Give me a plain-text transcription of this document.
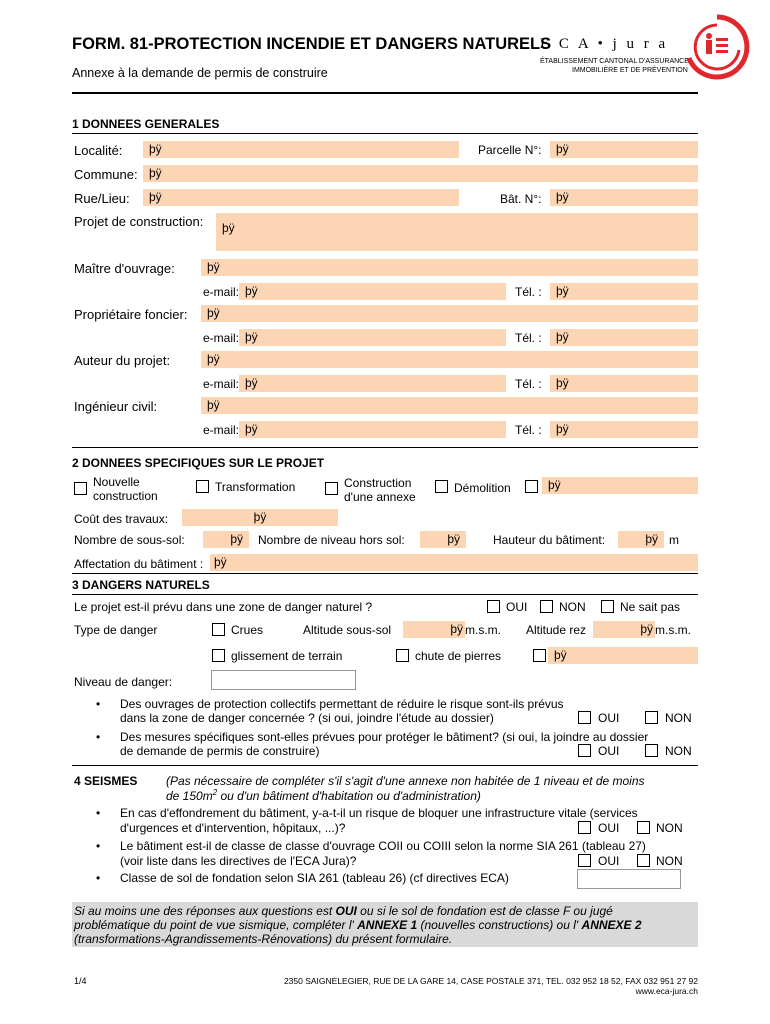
FORM. 81-PROTECTION INCENDIE ET DANGERS NATURELS
Annexe à la demande de permis de construire
E C A • j u r a
ÉTABLISSEMENT CANTONAL D'ASSURANCE
IMMOBILIÈRE ET DE PRÉVENTION
1 DONNEES GENERALES
Localité:	þÿ	Parcelle N°:	þÿ
Commune: þÿ
Rue/Lieu:	þÿ	Bât. N°:	þÿ
Projet de construction:	þÿ
Maître d'ouvrage:	þÿ
e-mail: þÿ	Tél. :	þÿ
Propriétaire foncier:	þÿ
e-mail: þÿ	Tél. :	þÿ
Auteur du projet:	þÿ
e-mail: þÿ	Tél. :	þÿ
Ingénieur civil:	þÿ
e-mail: þÿ	Tél. :	þÿ
2 DONNEES SPECIFIQUES SUR LE PROJET
Nouvelle
construction
Transformation	Construction
d'une annexe
Démolition	þÿ
Coût des travaux:	þÿ
Nombre de sous-sol:	þÿ	Nombre de niveau hors sol:	þÿ	Hauteur du bâtiment:	þÿ m
Affectation du bâtiment : þÿ
3 DANGERS NATURELS
Le projet est-il prévu dans une zone de danger naturel ?	OUI	NON	Ne sait pas
Type de danger	Crues	Altitude sous-sol	þÿ m.s.m. Altitude rez	þÿ m.s.m.
glissement de terrain	chute de pierres	þÿ
Niveau de danger:
• Des ouvrages de protection collectifs permettant de réduire le risque sont-ils prévus
dans la zone de danger concernée ? (si oui, joindre l'étude au dossier)	OUI	NON
• Des mesures spécifiques sont-elles prévues pour protéger le bâtiment? (si oui, la joindre au dossier
de demande de permis de construire)	OUI	NON
4 SEISMES (Pas nécessaire de compléter s'il s'agit d'une annexe non habitée de 1 niveau et de moins
de $150m^2$ ou d'un bâtiment d'habitation ou d'administration)
• En cas d'effondrement du bâtiment, y-a-t-il un risque de bloquer une infrastructure vitale (services
d'urgences et d'intervention, hôpitaux, ...)?	OUI	NON
• Le bâtiment est-il de classe de classe d'ouvrage COII ou COIII selon la norme SIA 261 (tableau 27)
(voir liste dans les directives de l'ECA Jura)?	OUI	NON
• Classe de sol de fondation selon SIA 261 (tableau 26) (cf directives ECA)
Si au moins une des réponses aux questions est OUI ou si le sol de fondation est de classe F ou jugé
problématique du point de vue sismique, compléter l' ANNEXE 1 (nouvelles constructions) ou l' ANNEXE 2
(transformations-Agrandissements-Rénovations) du présent formulaire.
1/4	2350 SAIGNELEGIER, RUE DE LA GARE 14, CASE POSTALE 371, TEL. 032 952 18 52, FAX 032 951 27 92
www.eca-jura.ch
